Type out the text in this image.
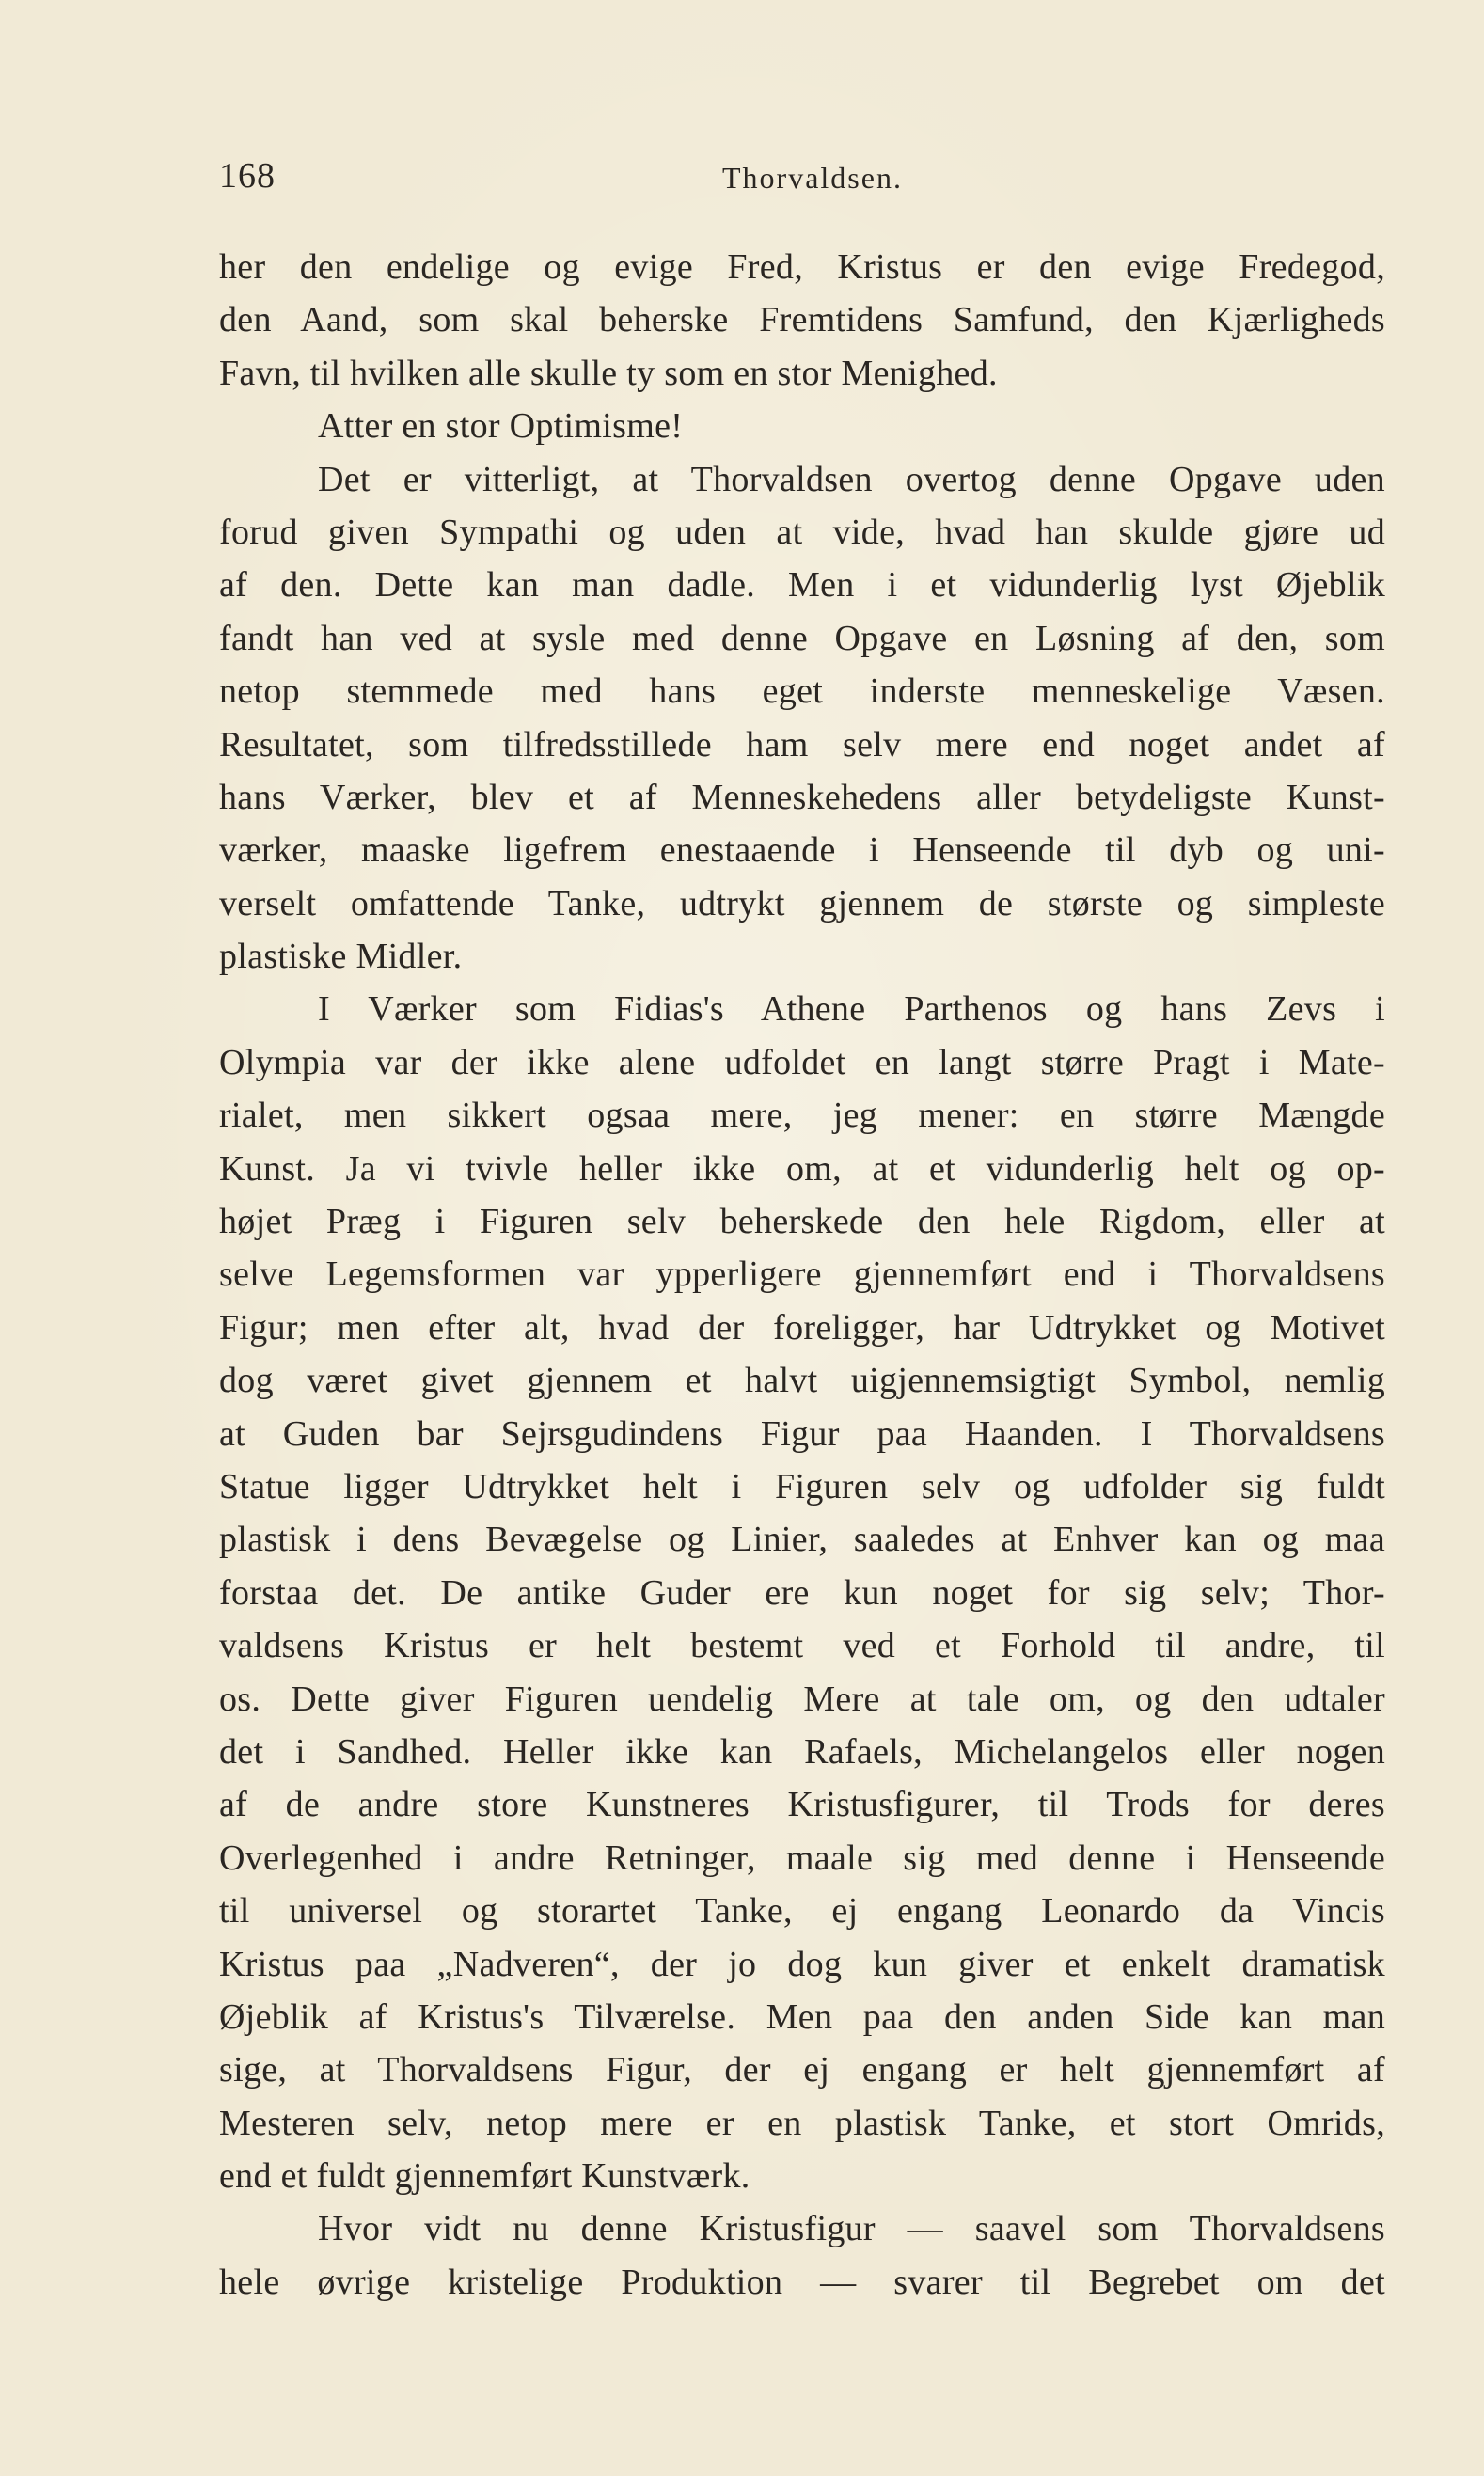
168	Thorvaldsen.
her den endelige og evige Fred, Kristus er den evige Fredegod,
den Aand, som skal beherske Fremtidens Samfund, den Kjærligheds
Favn, til hvilken alle skulle ty som en stor Menighed.
Atter en stor Optimisme!
Det er vitterligt, at Thorvaldsen overtog denne Opgave uden
forud given Sympathi og uden at vide, hvad han skulde gjøre ud
af den. Dette kan man dadle. Men i et vidunderlig lyst Øjeblik
fandt han ved at sysle med denne Opgave en Løsning af den, som
netop stemmede med hans eget inderste menneskelige Væsen.
Resultatet, som tilfredsstillede ham selv mere end noget andet af
hans Værker, blev et af Menneskehedens aller betydeligste Kunst-
værker, maaske ligefrem enestaaende i Henseende til dyb og uni-
verselt omfattende Tanke, udtrykt gjennem de største og simpleste
plastiske Midler.
I Værker som Fidias's Athene Parthenos og hans Zevs i
Olympia var der ikke alene udfoldet en langt større Pragt i Mate-
rialet, men sikkert ogsaa mere, jeg mener: en større Mængde
Kunst. Ja vi tvivle heller ikke om, at et vidunderlig helt og op-
højet Præg i Figuren selv beherskede den hele Rigdom, eller at
selve Legemsformen var ypperligere gjennemført end i Thorvaldsens
Figur; men efter alt, hvad der foreligger, har Udtrykket og Motivet
dog været givet gjennem et halvt uigjennemsigtigt Symbol, nemlig
at Guden bar Sejrsgudindens Figur paa Haanden. I Thorvaldsens
Statue ligger Udtrykket helt i Figuren selv og udfolder sig fuldt
plastisk i dens Bevægelse og Linier, saaledes at Enhver kan og maa
forstaa det. De antike Guder ere kun noget for sig selv; Thor-
valdsens Kristus er helt bestemt ved et Forhold til andre, til
os. Dette giver Figuren uendelig Mere at tale om, og den udtaler
det i Sandhed. Heller ikke kan Rafaels, Michelangelos eller nogen
af de andre store Kunstneres Kristusfigurer, til Trods for deres
Overlegenhed i andre Retninger, maale sig med denne i Henseende
til universel og storartet Tanke, ej engang Leonardo da Vincis
Kristus paa „Nadveren“, der jo dog kun giver et enkelt dramatisk
Øjeblik af Kristus's Tilværelse. Men paa den anden Side kan man
sige, at Thorvaldsens Figur, der ej engang er helt gjennemført af
Mesteren selv, netop mere er en plastisk Tanke, et stort Omrids,
end et fuldt gjennemført Kunstværk.
Hvor vidt nu denne Kristusfigur — saavel som Thorvaldsens
hele øvrige kristelige Produktion — svarer til Begrebet om det
